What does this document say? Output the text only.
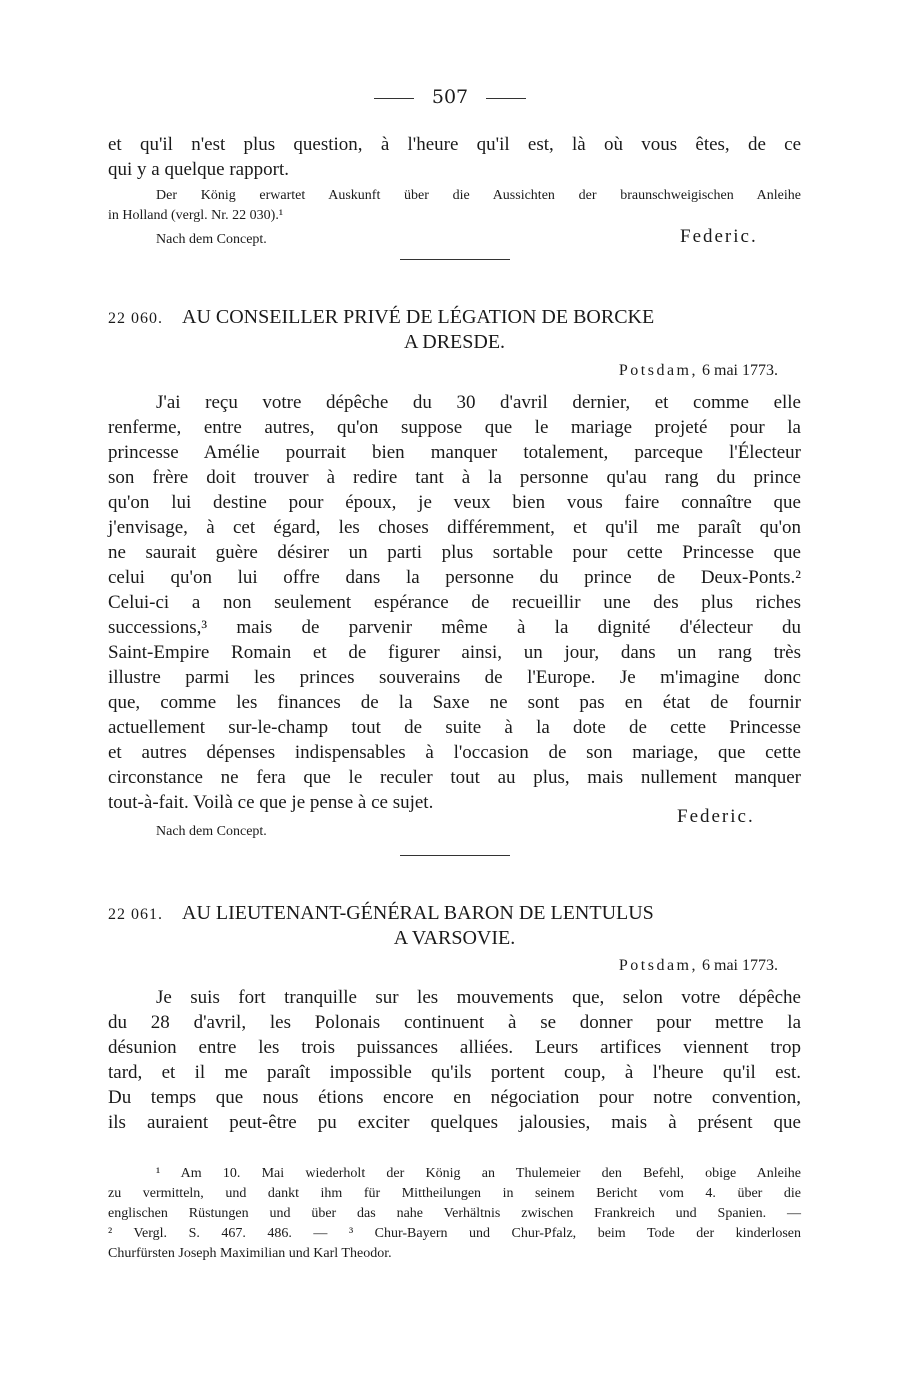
507
et qu'il n'est plus question, à l'heure qu'il est, là où vous êtes, de ce
qui y a quelque rapport.
Der König erwartet Auskunft über die Aussichten der braunschweigischen Anleihe
in Holland (vergl. Nr. 22 030).¹
Nach dem Concept.	Federic.
22 060. AU CONSEILLER PRIVÉ DE LÉGATION DE BORCKE
A DRESDE.
Potsdam, 6 mai 1773.
J'ai reçu votre dépêche du 30 d'avril dernier, et comme elle
renferme, entre autres, qu'on suppose que le mariage projeté pour la
princesse Amélie pourrait bien manquer totalement, parceque l'Électeur
son frère doit trouver à redire tant à la personne qu'au rang du prince
qu'on lui destine pour époux, je veux bien vous faire connaître que
j'envisage, à cet égard, les choses différemment, et qu'il me paraît qu'on
ne saurait guère désirer un parti plus sortable pour cette Princesse que
celui qu'on lui offre dans la personne du prince de Deux-Ponts.²
Celui-ci a non seulement espérance de recueillir une des plus riches
successions,³ mais de parvenir même à la dignité d'électeur du
Saint-Empire Romain et de figurer ainsi, un jour, dans un rang très
illustre parmi les princes souverains de l'Europe. Je m'imagine donc
que, comme les finances de la Saxe ne sont pas en état de fournir
actuellement sur-le-champ tout de suite à la dote de cette Princesse
et autres dépenses indispensables à l'occasion de son mariage, que cette
circonstance ne fera que le reculer tout au plus, mais nullement manquer
tout-à-fait. Voilà ce que je pense à ce sujet.
Federic.
Nach dem Concept.
22 061. AU LIEUTENANT-GÉNÉRAL BARON DE LENTULUS
A VARSOVIE.
Potsdam, 6 mai 1773.
Je suis fort tranquille sur les mouvements que, selon votre dépêche
du 28 d'avril, les Polonais continuent à se donner pour mettre la
désunion entre les trois puissances alliées. Leurs artifices viennent trop
tard, et il me paraît impossible qu'ils portent coup, à l'heure qu'il est.
Du temps que nous étions encore en négociation pour notre convention,
ils auraient peut-être pu exciter quelques jalousies, mais à présent que
¹ Am 10. Mai wiederholt der König an Thulemeier den Befehl, obige Anleihe
zu vermitteln, und dankt ihm für Mittheilungen in seinem Bericht vom 4. über die
englischen Rüstungen und über das nahe Verhältnis zwischen Frankreich und Spanien. —
² Vergl. S. 467. 486. — ³ Chur-Bayern und Chur-Pfalz, beim Tode der kinderlosen
Churfürsten Joseph Maximilian und Karl Theodor.
